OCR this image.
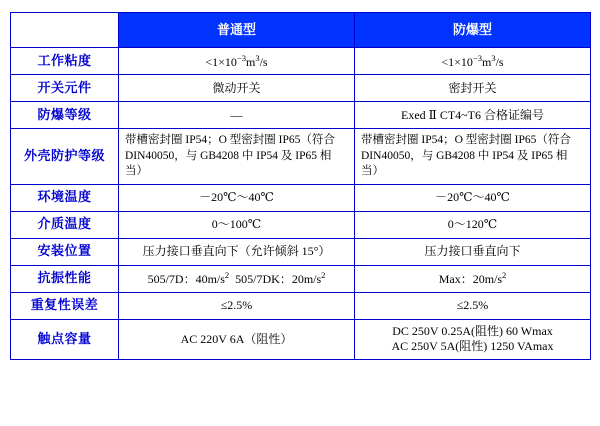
	普通型	防爆型
工作粘度	$<1\times 10^{-3}m^3/s$	$<1\times 10^{-3}m^3/s$
开关元件	微动开关	密封开关
防爆等级	—	Exed Ⅱ CT4~T6 合格证编号
外壳防护等级	带槽密封圈 IP54；O 型密封圈 IP65（符合 DIN40050，与 GB4208 中 IP54 及 IP65 相当）	带槽密封圈 IP54；O 型密封圈 IP65（符合 DIN40050，与 GB4208 中 IP54 及 IP65 相当）
环境温度	－20℃～40℃	－20℃～40℃
介质温度	0～100℃	0～120℃
安装位置	压力接口垂直向下（允许倾斜 15°）	压力接口垂直向下
抗振性能	505/7D：$40m/s^2$ 505/7DK：$20m/s^2$	Max：$20m/s^2$
重复性误差	≤2.5%	≤2.5%
触点容量	AC 220V 6A（阻性）	DC 250V 0.25A(阻性) 60 Wmax
AC 250V 5A(阻性) 1250 VAmax
